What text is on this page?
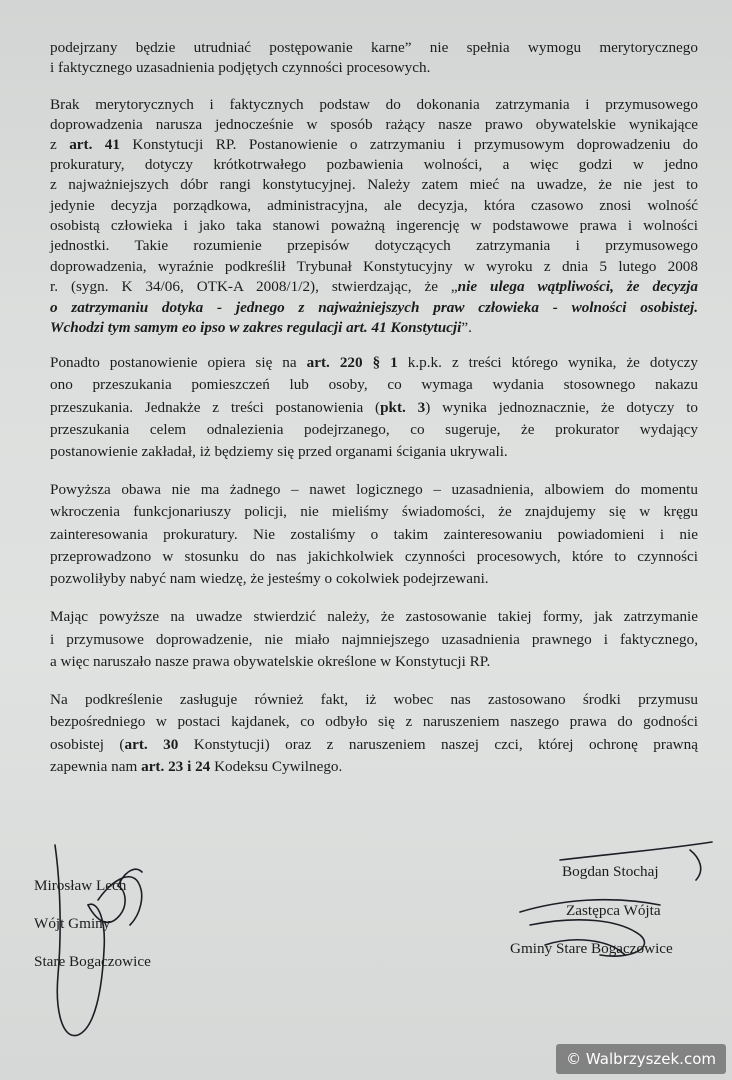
podejrzany będzie utrudniać postępowanie karne” nie spełnia wymogu merytorycznego
i faktycznego uzasadnienia podjętych czynności procesowych.
Brak merytorycznych i faktycznych podstaw do dokonania zatrzymania i przymusowego
doprowadzenia narusza jednocześnie w sposób rażący nasze prawo obywatelskie wynikające
z art. 41 Konstytucji RP. Postanowienie o zatrzymaniu i przymusowym doprowadzeniu do
prokuratury, dotyczy krótkotrwałego pozbawienia wolności, a więc godzi w jedno
z najważniejszych dóbr rangi konstytucyjnej. Należy zatem mieć na uwadze, że nie jest to
jedynie decyzja porządkowa, administracyjna, ale decyzja, która czasowo znosi wolność
osobistą człowieka i jako taka stanowi poważną ingerencję w podstawowe prawa i wolności
jednostki. Takie rozumienie przepisów dotyczących zatrzymania i przymusowego
doprowadzenia, wyraźnie podkreślił Trybunał Konstytucyjny w wyroku z dnia 5 lutego 2008
r. (sygn. K 34/06, OTK-A 2008/1/2), stwierdzając, że „nie ulega wątpliwości, że decyzja
o zatrzymaniu dotyka - jednego z najważniejszych praw człowieka - wolności osobistej.
Wchodzi tym samym eo ipso w zakres regulacji art. 41 Konstytucji”.
Ponadto postanowienie opiera się na art. 220 § 1 k.p.k. z treści którego wynika, że dotyczy
ono przeszukania pomieszczeń lub osoby, co wymaga wydania stosownego nakazu
przeszukania. Jednakże z treści postanowienia (pkt. 3) wynika jednoznacznie, że dotyczy to
przeszukania celem odnalezienia podejrzanego, co sugeruje, że prokurator wydający
postanowienie zakładał, iż będziemy się przed organami ścigania ukrywali.
Powyższa obawa nie ma żadnego – nawet logicznego – uzasadnienia, albowiem do momentu
wkroczenia funkcjonariuszy policji, nie mieliśmy świadomości, że znajdujemy się w kręgu
zainteresowania prokuratury. Nie zostaliśmy o takim zainteresowaniu powiadomieni i nie
przeprowadzono w stosunku do nas jakichkolwiek czynności procesowych, które to czynności
pozwoliłyby nabyć nam wiedzę, że jesteśmy o cokolwiek podejrzewani.
Mając powyższe na uwadze stwierdzić należy, że zastosowanie takiej formy, jak zatrzymanie
i przymusowe doprowadzenie, nie miało najmniejszego uzasadnienia prawnego i faktycznego,
a więc naruszało nasze prawa obywatelskie określone w Konstytucji RP.
Na podkreślenie zasługuje również fakt, iż wobec nas zastosowano środki przymusu
bezpośredniego w postaci kajdanek, co odbyło się z naruszeniem naszego prawa do godności
osobistej (art. 30 Konstytucji) oraz z naruszeniem naszej czci, której ochronę prawną
zapewnia nam art. 23 i 24 Kodeksu Cywilnego.
Mirosław Lech
Wójt Gminy
Stare Bogaczowice
Bogdan Stochaj
Zastępca Wójta
Gminy Stare Bogaczowice
© Walbrzyszek.com
